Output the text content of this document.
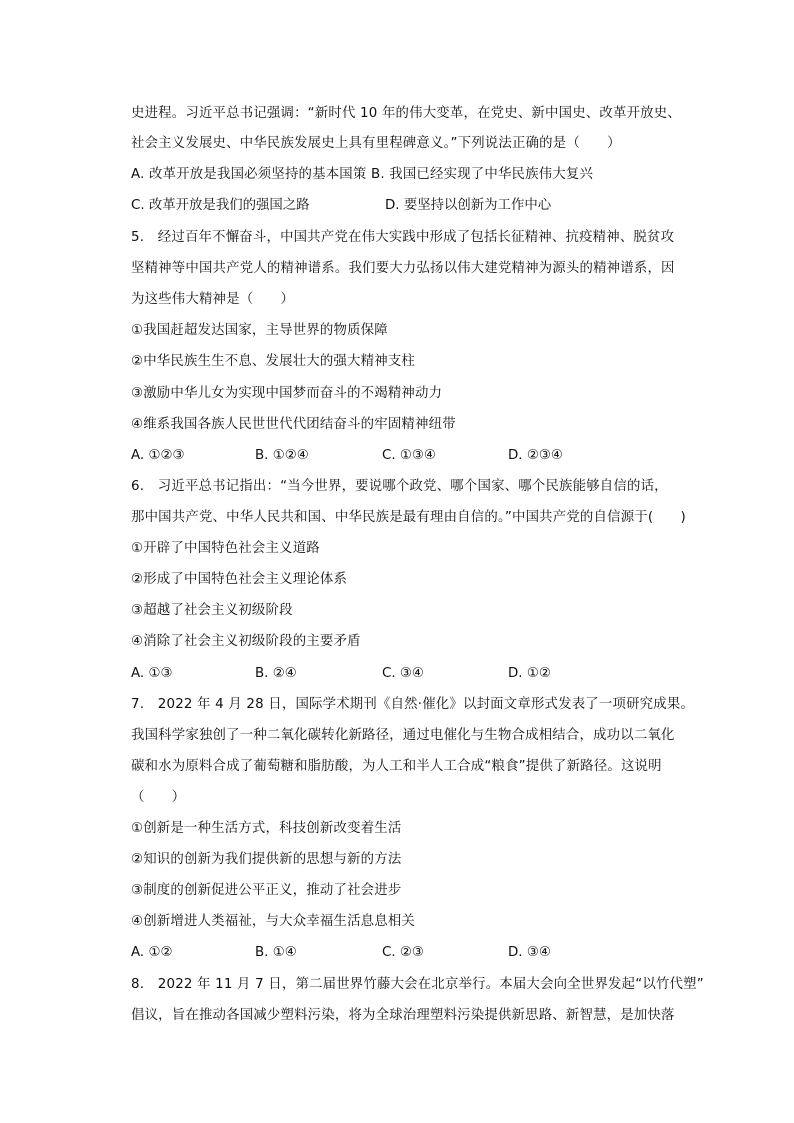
史进程。习近平总书记强调：“新时代 10 年的伟大变革，在党史、新中国史、改革开放史、
社会主义发展史、中华民族发展史上具有里程碑意义。”下列说法正确的是（　　）
A. 改革开放是我国必须坚持的基本国策 B. 我国已经实现了中华民族伟大复兴
C. 改革开放是我们的强国之路	D. 要坚持以创新为工作中心
5.　经过百年不懈奋斗，中国共产党在伟大实践中形成了包括长征精神、抗疫精神、脱贫攻
坚精神等中国共产党人的精神谱系。我们要大力弘扬以伟大建党精神为源头的精神谱系，因
为这些伟大精神是（　　）
①我国赶超发达国家，主导世界的物质保障
②中华民族生生不息、发展壮大的强大精神支柱
③激励中华儿女为实现中国梦而奋斗的不竭精神动力
④维系我国各族人民世世代代团结奋斗的牢固精神纽带
A. ①②③	B. ①②④	C. ①③④	D. ②③④
6.　习近平总书记指出：“当今世界，要说哪个政党、哪个国家、哪个民族能够自信的话，
那中国共产党、中华人民共和国、中华民族是最有理由自信的。”中国共产党的自信源于(　　)
①开辟了中国特色社会主义道路
②形成了中国特色社会主义理论体系
③超越了社会主义初级阶段
④消除了社会主义初级阶段的主要矛盾
A. ①③	B. ②④	C. ③④	D. ①②
7.　2022 年 4 月 28 日，国际学术期刊《自然·催化》以封面文章形式发表了一项研究成果。
我国科学家独创了一种二氧化碳转化新路径，通过电催化与生物合成相结合，成功以二氧化
碳和水为原料合成了葡萄糖和脂肪酸，为人工和半人工合成“粮食”提供了新路径。这说明
（　　）
①创新是一种生活方式，科技创新改变着生活
②知识的创新为我们提供新的思想与新的方法
③制度的创新促进公平正义，推动了社会进步
④创新增进人类福祉，与大众幸福生活息息相关
A. ①②	B. ①④	C. ②③	D. ③④
8.　2022 年 11 月 7 日，第二届世界竹藤大会在北京举行。本届大会向全世界发起“以竹代塑”
倡议，旨在推动各国减少塑料污染，将为全球治理塑料污染提供新思路、新智慧，是加快落
